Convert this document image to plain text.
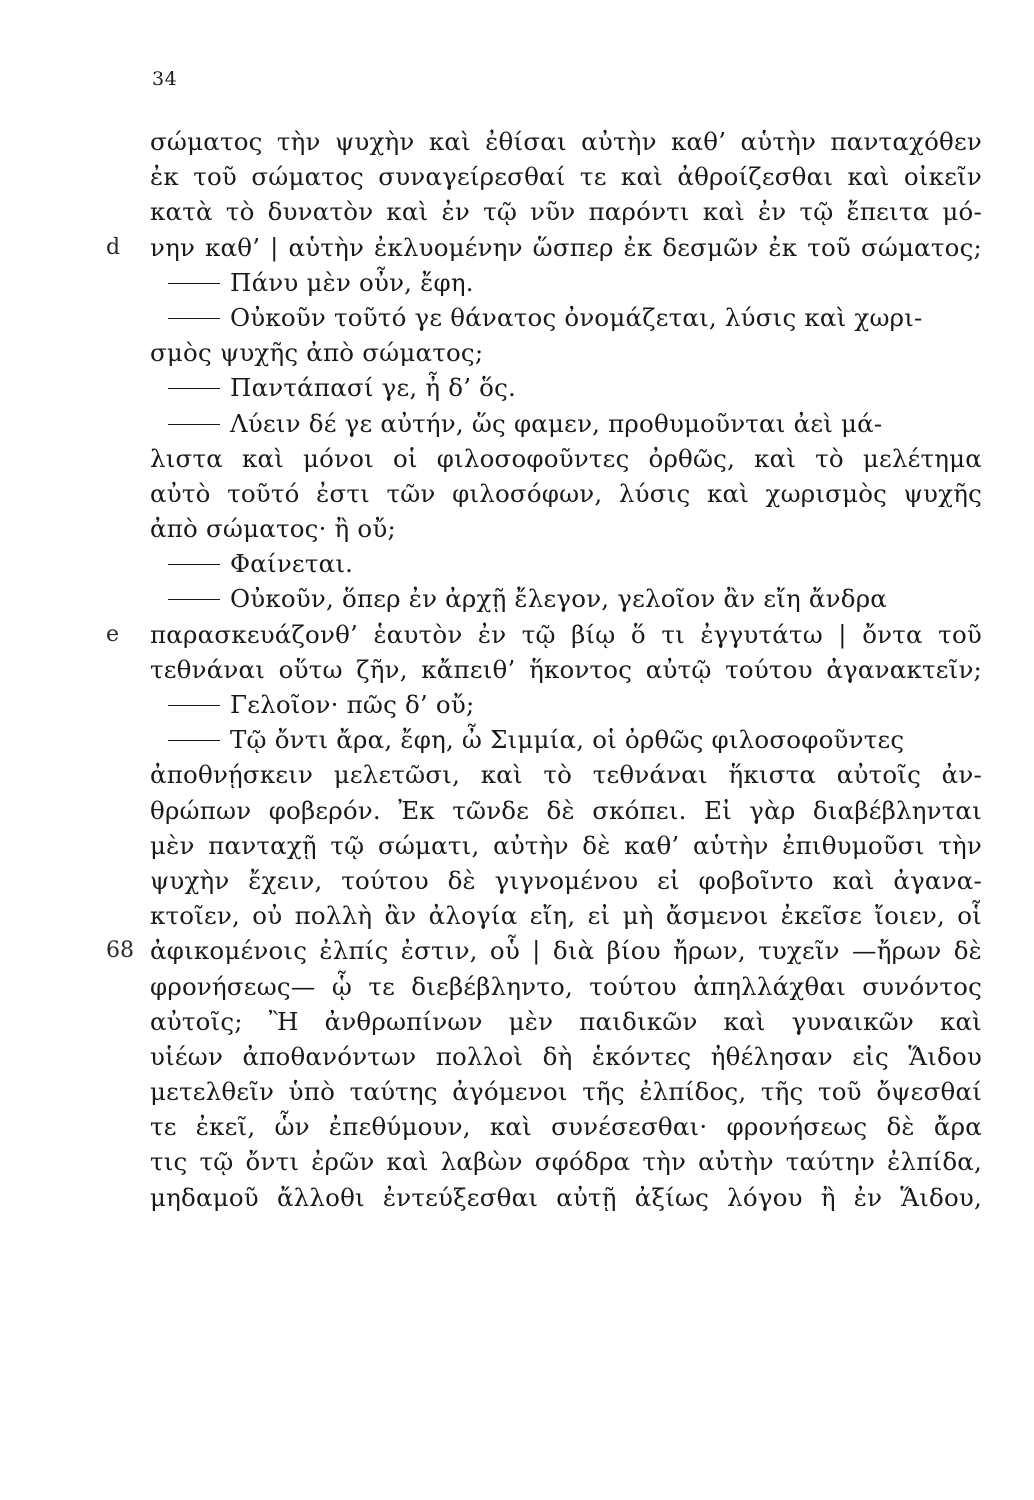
34
σώματος τὴν ψυχὴν καὶ ἐθίσαι αὐτὴν καθ’ αὑτὴν πανταχόθεν
ἐκ τοῦ σώματος συναγείρεσθαί τε καὶ ἀθροίζεσθαι καὶ οἰκεῖν
κατὰ τὸ δυνατὸν καὶ ἐν τῷ νῦν παρόντι καὶ ἐν τῷ ἔπειτα μό-
d νην καθ’ | αὑτὴν ἐκλυομένην ὥσπερ ἐκ δεσμῶν ἐκ τοῦ σώματος;
Πάνυ μὲν οὖν, ἔφη.
Οὐκοῦν τοῦτό γε θάνατος ὀνομάζεται, λύσις καὶ χωρι-
σμὸς ψυχῆς ἀπὸ σώματος;
Παντάπασί γε, ἦ δ’ ὅς.
Λύειν δέ γε αὐτήν, ὥς φαμεν, προθυμοῦνται ἀεὶ μά-
λιστα καὶ μόνοι οἱ φιλοσοφοῦντες ὀρθῶς, καὶ τὸ μελέτημα
αὐτὸ τοῦτό ἐστι τῶν φιλοσόφων, λύσις καὶ χωρισμὸς ψυχῆς
ἀπὸ σώματος· ἢ οὔ;
Φαίνεται.
Οὐκοῦν, ὅπερ ἐν ἀρχῇ ἔλεγον, γελοῖον ἂν εἴη ἄνδρα
e παρασκευάζονθ’ ἑαυτὸν ἐν τῷ βίῳ ὅ τι ἐγγυτάτω | ὄντα τοῦ
τεθνάναι οὕτω ζῆν, κἄπειθ’ ἥκοντος αὐτῷ τούτου ἀγανακτεῖν;
Γελοῖον· πῶς δ’ οὔ;
Τῷ ὄντι ἄρα, ἔφη, ὦ Σιμμία, οἱ ὀρθῶς φιλοσοφοῦντες
ἀποθνῄσκειν μελετῶσι, καὶ τὸ τεθνάναι ἥκιστα αὐτοῖς ἀν-
θρώπων φοβερόν. Ἐκ τῶνδε δὲ σκόπει. Εἰ γὰρ διαβέβληνται
μὲν πανταχῇ τῷ σώματι, αὐτὴν δὲ καθ’ αὑτὴν ἐπιθυμοῦσι τὴν
ψυχὴν ἔχειν, τούτου δὲ γιγνομένου εἰ φοβοῖντο καὶ ἀγανα-
κτοῖεν, οὐ πολλὴ ἂν ἀλογία εἴη, εἰ μὴ ἄσμενοι ἐκεῖσε ἴοιεν, οἷ
68 ἀφικομένοις ἐλπίς ἐστιν, οὗ | διὰ βίου ἤρων, τυχεῖν —ἤρων δὲ
φρονήσεως— ᾧ τε διεβέβληντο, τούτου ἀπηλλάχθαι συνόντος
αὐτοῖς; Ἢ ἀνθρωπίνων μὲν παιδικῶν καὶ γυναικῶν καὶ
υἱέων ἀποθανόντων πολλοὶ δὴ ἑκόντες ἠθέλησαν εἰς Ἅιδου
μετελθεῖν ὑπὸ ταύτης ἀγόμενοι τῆς ἐλπίδος, τῆς τοῦ ὄψεσθαί
τε ἐκεῖ, ὧν ἐπεθύμουν, καὶ συνέσεσθαι· φρονήσεως δὲ ἄρα
τις τῷ ὄντι ἐρῶν καὶ λαβὼν σφόδρα τὴν αὐτὴν ταύτην ἐλπίδα,
μηδαμοῦ ἄλλοθι ἐντεύξεσθαι αὐτῇ ἀξίως λόγου ἢ ἐν Ἅιδου,
